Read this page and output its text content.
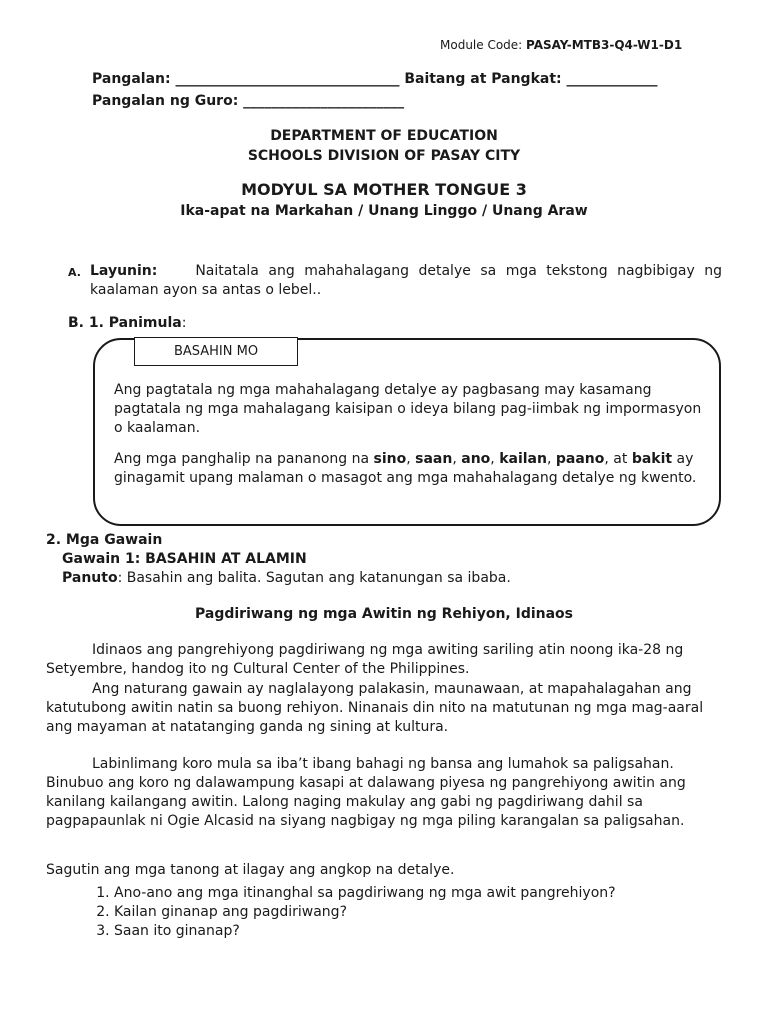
Module Code: PASAY-MTB3-Q4-W1-D1
Pangalan: ________________________________ Baitang at Pangkat: _____________
Pangalan ng Guro: _______________________
DEPARTMENT OF EDUCATION
SCHOOLS DIVISION OF PASAY CITY
MODYUL SA MOTHER TONGUE 3
Ika-apat na Markahan / Unang Linggo / Unang Araw
A. Layunin:	Naitatala ang mahahalagang detalye sa mga tekstong nagbibigay ng kaalaman ayon sa antas o lebel..
B. 1. Panimula:
BASAHIN MO
Ang pagtatala ng mga mahahalagang detalye ay pagbasang may kasamang pagtatala ng mga mahalagang kaisipan o ideya bilang pag-iimbak ng impormasyon o kaalaman.
Ang mga panghalip na pananong na sino, saan, ano, kailan, paano, at bakit ay ginagamit upang malaman o masagot ang mga mahahalagang detalye ng kwento.
2. Mga Gawain
Gawain 1: BASAHIN AT ALAMIN
Panuto: Basahin ang balita. Sagutan ang katanungan sa ibaba.
Pagdiriwang ng mga Awitin ng Rehiyon, Idinaos
Idinaos ang pangrehiyong pagdiriwang ng mga awiting sariling atin noong ika-28 ng Setyembre, handog ito ng Cultural Center of the Philippines.
Ang naturang gawain ay naglalayong palakasin, maunawaan, at mapahalagahan ang katutubong awitin natin sa buong rehiyon. Ninanais din nito na matutunan ng mga mag-aaral ang mayaman at natatanging ganda ng sining at kultura.
Labinlimang koro mula sa iba’t ibang bahagi ng bansa ang lumahok sa paligsahan. Binubuo ang koro ng dalawampung kasapi at dalawang piyesa ng pangrehiyong awitin ang kanilang kailangang awitin. Lalong naging makulay ang gabi ng pagdiriwang dahil sa pagpapaunlak ni Ogie Alcasid na siyang nagbigay ng mga piling karangalan sa paligsahan.
Sagutin ang mga tanong at ilagay ang angkop na detalye.
1. Ano-ano ang mga itinanghal sa pagdiriwang ng mga awit pangrehiyon?
2. Kailan ginanap ang pagdiriwang?
3. Saan ito ginanap?
